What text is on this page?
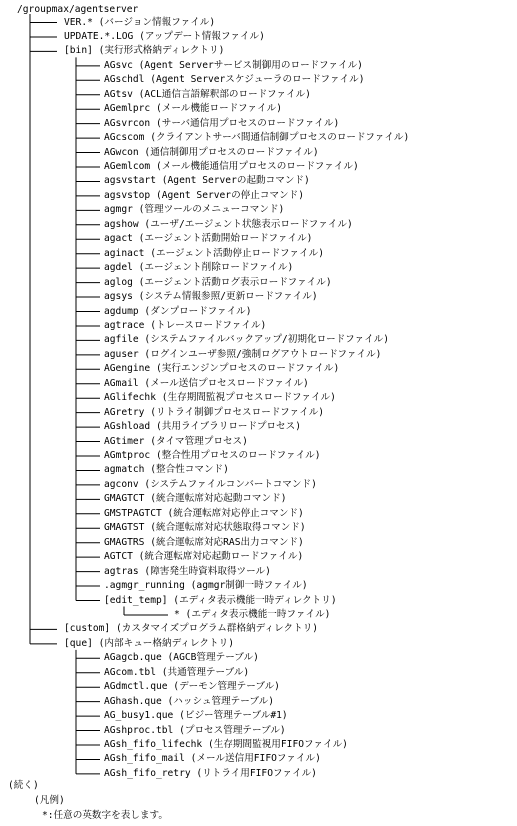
/groupmax/agentserver
(続く)
(凡例)
*:任意の英数字を表します。
VER.* (バージョン情報ファイル)
UPDATE.*.LOG (アップデート情報ファイル)
[bin] (実行形式格納ディレクトリ)
AGsvc (Agent Serverサービス制御用のロードファイル)
AGschdl (Agent Serverスケジューラのロードファイル)
AGtsv (ACL通信言語解釈部のロードファイル)
AGemlprc (メール機能ロードファイル)
AGsvrcon (サーバ通信用プロセスのロードファイル)
AGcscom (クライアントサーバ間通信制御プロセスのロードファイル)
AGwcon (通信制御用プロセスのロードファイル)
AGemlcom (メール機能通信用プロセスのロードファイル)
agsvstart (Agent Serverの起動コマンド)
agsvstop (Agent Serverの停止コマンド)
agmgr (管理ツールのメニューコマンド)
agshow (ユーザ/エージェント状態表示ロードファイル)
agact (エージェント活動開始ロードファイル)
aginact (エージェント活動停止ロードファイル)
agdel (エージェント削除ロードファイル)
aglog (エージェント活動ログ表示ロードファイル)
agsys (システム情報参照/更新ロードファイル)
agdump (ダンプロードファイル)
agtrace (トレースロードファイル)
agfile (システムファイルバックアップ/初期化ロードファイル)
aguser (ログインユーザ参照/強制ログアウトロードファイル)
AGengine (実行エンジンプロセスのロードファイル)
AGmail (メール送信プロセスロードファイル)
AGlifechk (生存期間監視プロセスロードファイル)
AGretry (リトライ制御プロセスロードファイル)
AGshload (共用ライブラリロードプロセス)
AGtimer (タイマ管理プロセス)
AGmtproc (整合性用プロセスのロードファイル)
agmatch (整合性コマンド)
agconv (システムファイルコンバートコマンド)
GMAGTCT (統合運転席対応起動コマンド)
GMSTPAGTCT (統合運転席対応停止コマンド)
GMAGTST (統合運転席対応状態取得コマンド)
GMAGTRS (統合運転席対応RAS出力コマンド)
AGTCT (統合運転席対応起動ロードファイル)
agtras (障害発生時資料取得ツール)
.agmgr_running (agmgr制御一時ファイル)
[edit_temp] (エディタ表示機能一時ディレクトリ)
* (エディタ表示機能一時ファイル)
[custom] (カスタマイズプログラム群格納ディレクトリ)
[que] (内部キュー格納ディレクトリ)
AGagcb.que (AGCB管理テーブル)
AGcom.tbl (共通管理テーブル)
AGdmctl.que (デーモン管理テーブル)
AGhash.que (ハッシュ管理テーブル)
AG_busy1.que (ビジー管理テーブル#1)
AGshproc.tbl (プロセス管理テーブル)
AGsh_fifo_lifechk (生存期間監視用FIFOファイル)
AGsh_fifo_mail (メール送信用FIFOファイル)
AGsh_fifo_retry (リトライ用FIFOファイル)
